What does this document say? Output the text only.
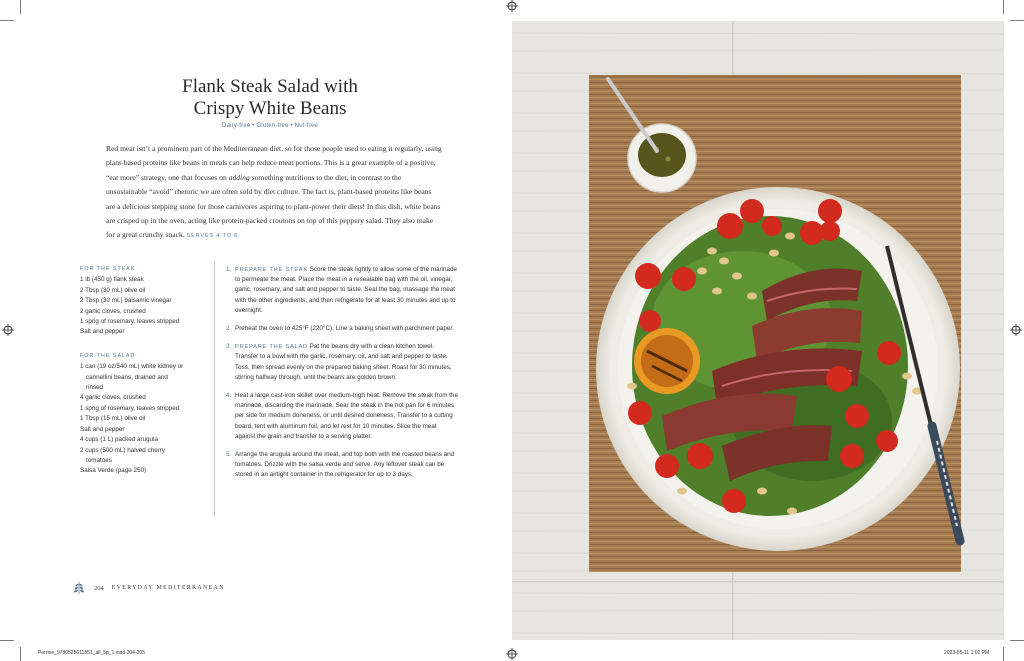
Flank Steak Salad with
Crispy White Beans
Dairy-free • Gluten-free • Nut-free
Red meat isn’t a prominent part of the Mediterranean diet, so for those people used to eating it regularly, using plant-based proteins like beans in meals can help reduce meat portions. This is a great example of a positive, “eat more” strategy, one that focuses on adding something nutritious to the diet, in contrast to the unsustainable “avoid” rhetoric we are often sold by diet culture. The fact is, plant-based proteins like beans are a delicious stepping stone for those carnivores aspiring to plant-power their diets! In this dish, white beans are crisped up in the oven, acting like protein-packed croutons on top of this peppery salad. They also make for a great crunchy snack. SERVES 4 TO 6
FOR THE STEAK
1 lb (450 g) flank steak
2 Tbsp (30 mL) olive oil
2 Tbsp (30 mL) balsamic vinegar
2 garlic cloves, crushed
1 sprig of rosemary, leaves stripped
Salt and pepper
FOR THE SALAD
1 can (19 oz/540 mL) white kidney or
cannellini beans, drained and
rinsed
4 garlic cloves, crushed
1 sprig of rosemary, leaves stripped
1 Tbsp (15 mL) olive oil
Salt and pepper
4 cups (1 L) packed arugula
2 cups (500 mL) halved cherry
tomatoes
Salsa Verde (page 250)
1. PREPARE THE STEAK Score the steak lightly to allow some of the marinade to permeate the meat. Place the meat in a resealable bag with the oil, vinegar, garlic, rosemary, and salt and pepper to taste. Seal the bag, massage the meat with the other ingredients, and then refrigerate for at least 30 minutes and up to overnight.
2. Preheat the oven to 425°F (220°C). Line a baking sheet with parchment paper.
3. PREPARE THE SALAD Pat the beans dry with a clean kitchen towel. Transfer to a bowl with the garlic, rosemary, oil, and salt and pepper to taste. Toss, then spread evenly on the prepared baking sheet. Roast for 30 minutes, stirring halfway through, until the beans are golden brown.
4. Heat a large cast-iron skillet over medium-high heat. Remove the steak from the marinade, discarding the marinade. Sear the steak in the hot pan for 6 minutes per side for medium doneness, or until desired doneness. Transfer to a cutting board, tent with aluminum foil, and let rest for 10 minutes. Slice the meat against the grain and transfer to a serving platter.
5. Arrange the arugula around the meat, and top both with the roasted beans and tomatoes. Drizzle with the salsa verde and serve. Any leftover steak can be stored in an airtight container in the refrigerator for up to 3 days.
204 EVERYDAY MEDITERRANEAN
Perrine_9780525611851_all_5p_1.indd 204-205	2023-05-11 1:02 PM
